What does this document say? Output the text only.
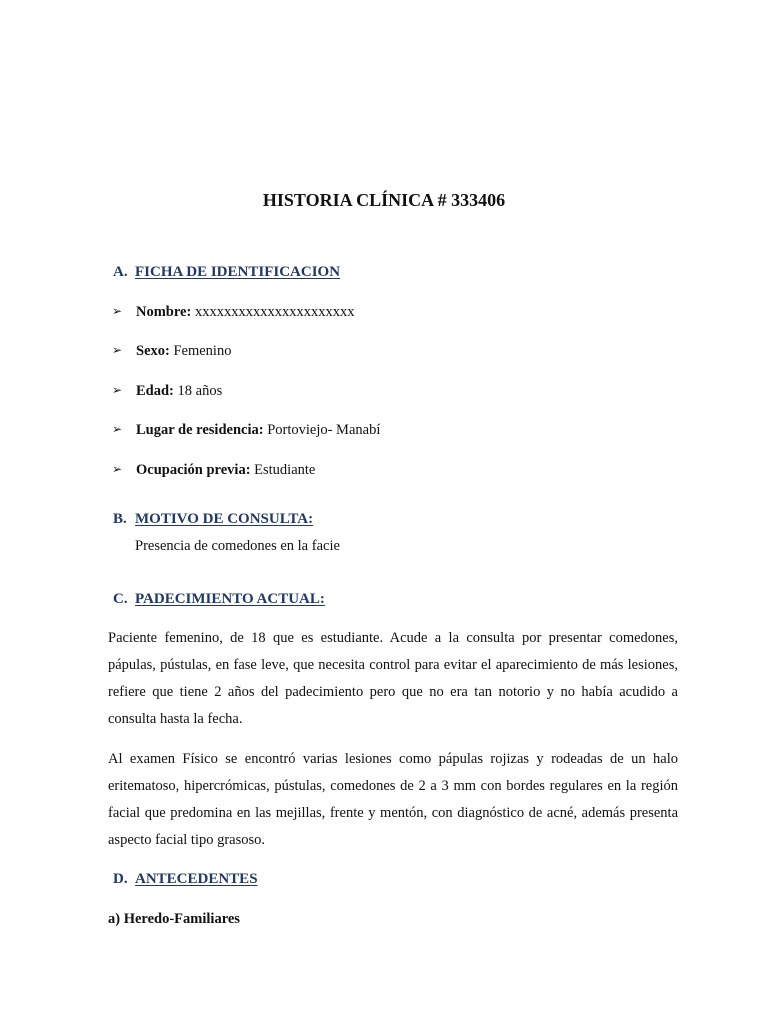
HISTORIA CLÍNICA # 333406
A. FICHA DE IDENTIFICACION
➢ Nombre: xxxxxxxxxxxxxxxxxxxxxx
➢ Sexo: Femenino
➢ Edad: 18 años
➢ Lugar de residencia: Portoviejo- Manabí
➢ Ocupación previa: Estudiante
B. MOTIVO DE CONSULTA:
Presencia de comedones en la facie
C. PADECIMIENTO ACTUAL:

Paciente femenino, de 18 que es estudiante. Acude a la consulta por presentar comedones, pápulas, pústulas, en fase leve, que necesita control para evitar el aparecimiento de más lesiones, refiere que tiene 2 años del padecimiento pero que no era tan notorio y no había acudido a consulta hasta la fecha.

Al examen Físico se encontró varias lesiones como pápulas rojizas y rodeadas de un halo eritematoso, hipercrómicas, pústulas, comedones de 2 a 3 mm con bordes regulares en la región facial que predomina en las mejillas, frente y mentón, con diagnóstico de acné, además presenta aspecto facial tipo grasoso.

D. ANTECEDENTES
a) Heredo-Familiares
